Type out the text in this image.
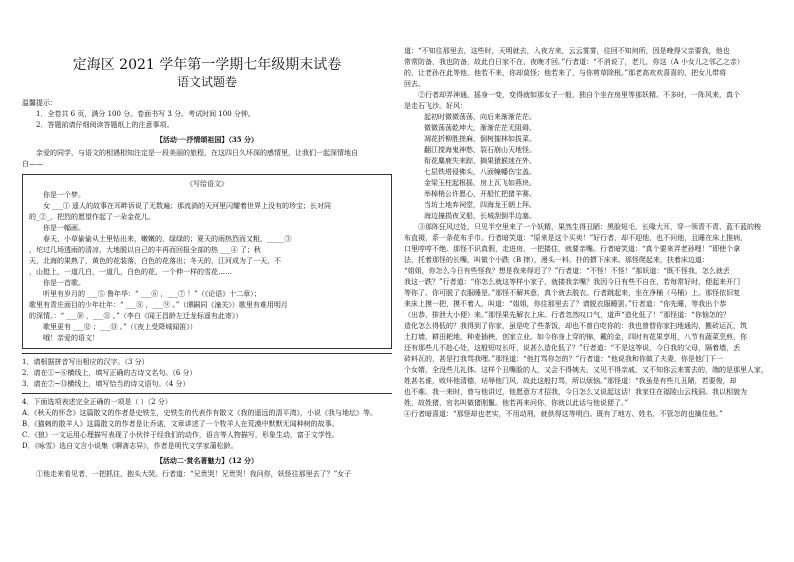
定海区 2021 学年第一学期七年级期末试卷
语文试题卷

温馨提示：

1．全卷共 6 页，满分 100 分。卷面书写 3 分。考试时间 100 分钟。

2．答题前请仔细阅读答题纸上的注意事项。

【活动一·抒情颂祖国】（35 分）

亲爱的同学，与语文的相遇相知注定是一段美丽的旅程，在这四日久坏深的感情里，让我们一起深情地自

白——

《写给语文》

你是一个梦。

女 ___① 遥人的故事在耳畔诉说了无数遍；那流淌的天河里闪耀着世界上没有的珍宝；长对同

的_②_，把烈的愿望作起了一朵金花儿。

你是一幅画。

春天，小草偷偷从土里钻出来，嫩嫩的，绿绿的；夏天的雨热烈而又粗，_____③

，坨过几场透雨的清凉，大地脱以自己的丰再而回报全部的热 ___④ 了；秋

天，北海的果熟了，黄色的花装落，白色的花落出；冬天的，江河成为了一天，不

，山挺上，一道几白，一道几，白色的花，一个伸一样的雪花……

你是一首歌。

听里有岁月的 ___⑤ 鲁年华：“ ___⑥ ，___⑦ ！”（《论语》十二章）；

歌里有青庄面目的少年壮年：“ ___⑧ ，___⑨ 。”（谭嗣同《潼关》）歌里有难用明月

的深情。：“ ___⑩ ，___⑪ 。”（李白《闻王昌龄左迁龙标遥有此寄》）

歌里更有 ___⑫ ；___⑬ 。”（《夜上受降城闻笛》）

哦！亲爱的语文！

1．请根据拼音写出相应的汉字。（3 分）

2．请在①~⑥横线上，填写正确的古诗文名句。（6 分）

3．请在⑦~⑬横线上，填写恰当的诗文语句。（4 分）

4．下面选项表述完全正确的一项是（ ）（2 分）

A．《秋天的怀念》这篇散文的作者是史铁生，史铁生的代表作有散文《我的遥远的清平湾》，小说《我与地坛》等。

B．《猫刺的散羊人》这篇散文的作者是让乔诺，文章讲述了一个牧羊人在荒漠中默默无闻种树的故事。

C．《狼》一文运用心理描写表现了小伙伴于经我们的动作，语言等人物描写，形象生动，富于文学性。

D．《咏雪》选自文言小说集《聊斋志异》，作者是明代文学家蒲松龄。

【活动二·赏名著魅力】（12 分）

①他走来看见者，一把抓住，抱头大哭。行者道：“兄贵哭！兄贵哭！我问你，妖怪往那里去了？”女子

道：“不知往那里去，这些时，天明就去，入夜方来，云云雾雾，往回不知何所，因是晚得父亲要我，他也

常常防备，我也防备，故此白日家不在，夜晚才回。”行者道：“不消说了，老儿，你这（A 小女儿之邻乙之亲）

的，让老孙在此等他，他若不来，你却莫怪；他若来了，与你剪草除根。”那老高欢欢喜喜的，把女儿带将

回去。

②行者却弄神通，摇身一变，变得就如那女子一般，独自个坐在房里等那妖精。不多时，一阵风来，真个

是走石飞沙。好风：

起初时微微荡荡，向后来渐渐茫茫。

微微荡荡乾坤大，渐渐茫茫无阻碍。

凋花折柳胜搓麻，倒树摧林如拔菜。

翻江搅海鬼神愁，裂石崩山天地怪。

衔花麋鹿失来踪，摘果猿猴迷在外。

七层铁塔侵佛头，八面幢幡伤宝盖。

金梁玉柱起根摇，房上瓦飞如燕块。

举棹梢公许愿心，开船忙把猪羊赛。

当坊土地弃祠堂，四海龙王朝上拜。

海边撞损夜叉船，长城刮倒半边塞。

③那阵狂风过处，只见半空里来了一个妖精，果然生得丑陋：黑脸短毛，长喙大耳，穿一领青不青、蓝不蓝的梭

布直裰，系一条花布手巾。行者暗笑道：“原来是这个买卖！”好行者，却不迎他，也不问他，且睡在床上推病，

口里哼哼不绝。那怪不识真假，走进房，一把搂住，就要亲嘴。行者暗笑道：“真个要来弄老孙哩！”即使个拿

法，托着那怪的长嘴，叫做个小跌（B 摔），漫头一料，扑的掼下床来。那怪爬起来，扶着床边道：

“姐姐，你怎么今日有些怪我？想是我来得迟了？”行者道：“不怪！不怪！”那妖道：“既不怪我，怎么就丢

我这一跌？”行者道：“你怎么就这等样小家子，就搂我亲嘴？我因今日有些不自在，若每常好时，便起来开门

等你了。你可脱了衣服睡是。”那怪不解其意，真个就去脱衣。行者跳起来，坐在净桶（马桶）上。那怪依旧复

来床上摸一把，摸不着人，叫道：“姐姐，你往那里去了？请脱衣服睡罢。”行者道：“你先睡，等我出个恭

（出恭，排泄大小便）来。”那怪果先解衣上床。行者忽然叹口气，道声“造化低了！”那怪道：“你恼怎的？

造化怎么得低的？我得到了你家，虽是吃了些茶饭，却也不曾白吃你的：我也曾替你家扫地通沟，搬砖运瓦，筑

土打墙，耕田耙地，种麦插秧，创家立业。如今你身上穿的锦，戴的金，四时有花果享用，八节有蔬菜烹煎，你

还有那些儿不趁心处，这般短叹长吁，说甚么造化低了？”行者道：“不是这等说，今日我的父母，隔着墙，丢

砖料瓦的，甚是打我骂我哩。”那怪道：“他打骂你怎的？”行者道：“他说我和你做了夫妻，你是他门下一

个女婿，全没些儿礼体。这样个丑嘴脸的人，又会不得姨夫，又见不得亲戚，又不知你云来雾去的，端的是那里人家，

姓甚名谁，败坏他清德，玷辱他门风，故此这般打骂，所以烦恼。”那怪道：“我虽是有些儿丑陋，若要俊，却

也不难。我一来时，曾与他讲过，他愿意方才招我，今日怎么又说起这话！我家住在福陵山云栈洞。我以相貌为

姓，故姓猪，官名叫做猪刚鬣。他若再来问你，你就以此话与他说便了。”

④行者暗喜道：“那怪却也老实，不用动刑，就供得这等明白。既有了地方、姓名，不管怎的也擒住他。”
